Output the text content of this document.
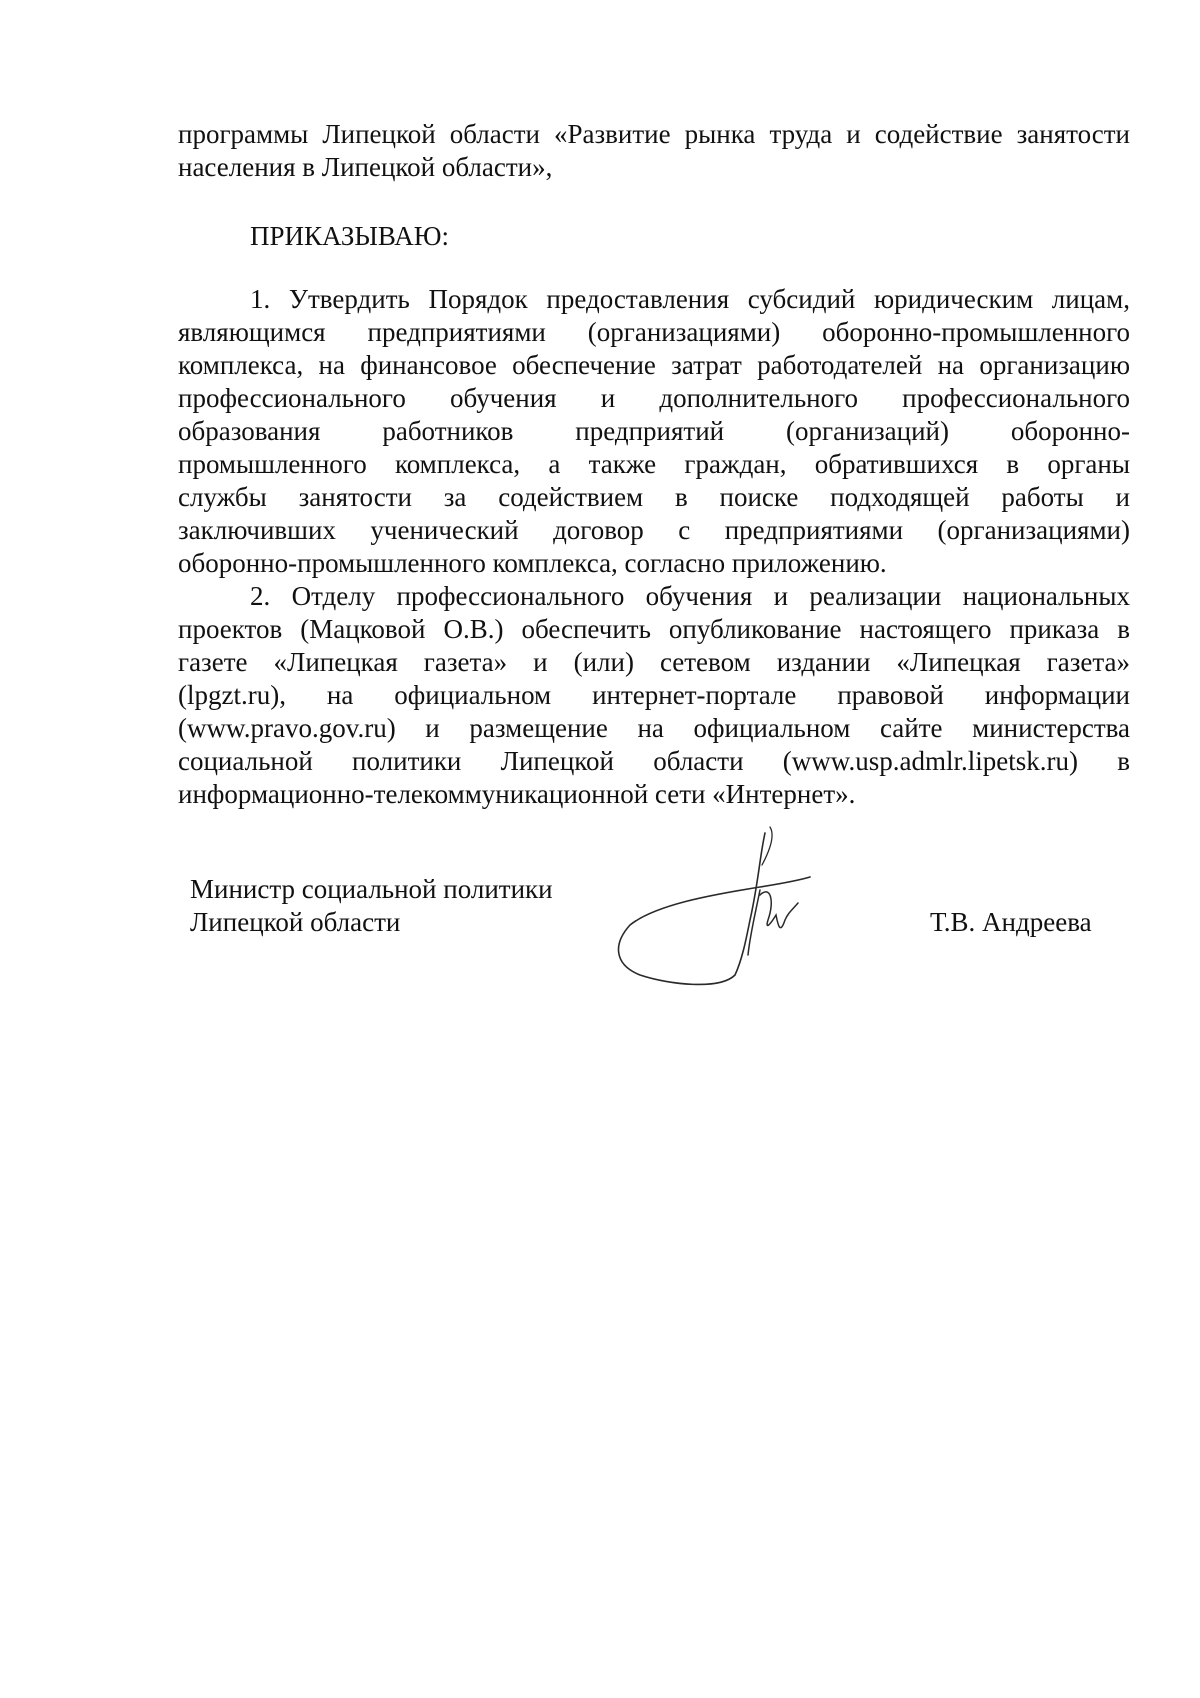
программы Липецкой области «Развитие рынка труда и содействие занятости
населения в Липецкой области»,
ПРИКАЗЫВАЮ:
1. Утвердить Порядок предоставления субсидий юридическим лицам,
являющимся предприятиями (организациями) оборонно-промышленного
комплекса, на финансовое обеспечение затрат работодателей на организацию
профессионального обучения и дополнительного профессионального
образования работников предприятий (организаций) оборонно-
промышленного комплекса, а также граждан, обратившихся в органы
службы занятости за содействием в поиске подходящей работы и
заключивших ученический договор с предприятиями (организациями)
оборонно-промышленного комплекса, согласно приложению.
2. Отделу профессионального обучения и реализации национальных
проектов (Мацковой О.В.) обеспечить опубликование настоящего приказа в
газете «Липецкая газета» и (или) сетевом издании «Липецкая газета»
(lpgzt.ru), на официальном интернет-портале правовой информации
(www.pravo.gov.ru) и размещение на официальном сайте министерства
социальной политики Липецкой области (www.usp.admlr.lipetsk.ru) в
информационно-телекоммуникационной сети «Интернет».
Министр социальной политики
Липецкой области	Т.В. Андреева
